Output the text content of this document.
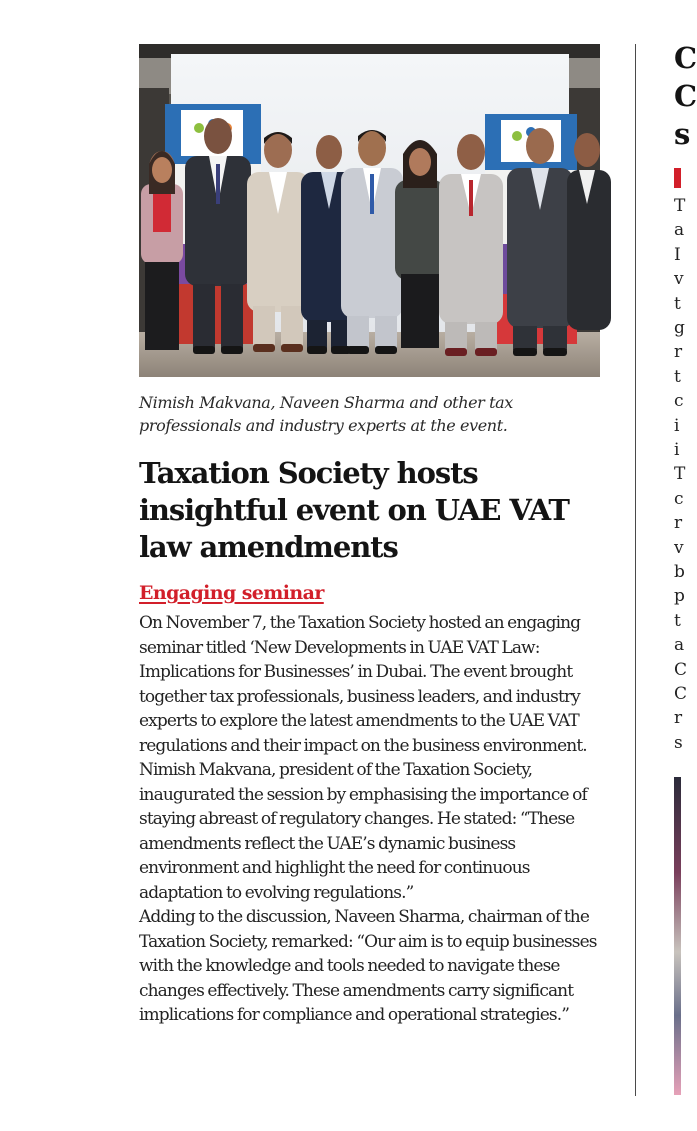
Nimish Makvana, Naveen Sharma and other tax professionals and industry experts at the event.
Taxation Society hosts insightful event on UAE VAT law amendments
Engaging seminar

On November 7, the Taxation Society hosted an engaging seminar titled ‘New Developments in UAE VAT Law: Implications for Businesses’ in Dubai. The event brought together tax professionals, business leaders, and industry experts to explore the latest amendments to the UAE VAT regulations and their impact on the business environment.

Nimish Makvana, president of the Taxation Society, inaugurated the session by emphasising the importance of staying abreast of regulatory changes. He stated: “These amendments reflect the UAE’s dynamic business environment and highlight the need for continuous adaptation to evolving regulations.”

Adding to the discussion, Naveen Sharma, chairman of the Taxation Society, remarked: “Our aim is to equip businesses with the knowledge and tools needed to navigate these changes effectively. These amendments carry significant implications for compliance and operational strategies.”

C
C
s
T
a
I
v
t
g
r
t
c
i
i
T
c
r
v
b
p
t
a
C
C
r
s
